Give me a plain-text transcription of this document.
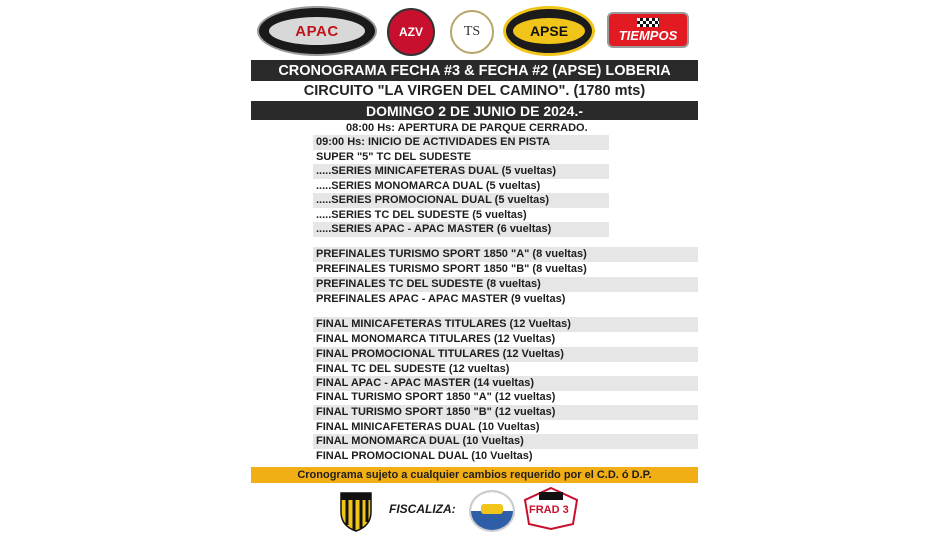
APAC	AZV	TS	APSE	TIEMPOS
CRONOGRAMA FECHA #3 & FECHA #2 (APSE) LOBERIA
CIRCUITO "LA VIRGEN DEL CAMINO". (1780 mts)
DOMINGO 2 DE JUNIO DE 2024.-
08:00 Hs: APERTURA DE PARQUE CERRADO.
09:00 Hs: INICIO DE ACTIVIDADES EN PISTA
SUPER "5" TC DEL SUDESTE
.....SERIES MINICAFETERAS DUAL (5 vueltas)
.....SERIES MONOMARCA DUAL (5 vueltas)
.....SERIES PROMOCIONAL DUAL (5 vueltas)
.....SERIES TC DEL SUDESTE (5 vueltas)
.....SERIES APAC - APAC MASTER (6 vueltas)
PREFINALES TURISMO SPORT 1850 "A" (8 vueltas)
PREFINALES TURISMO SPORT 1850 "B" (8 vueltas)
PREFINALES TC DEL SUDESTE (8 vueltas)
PREFINALES APAC - APAC MASTER (9 vueltas)
FINAL MINICAFETERAS TITULARES (12 Vueltas)
FINAL MONOMARCA TITULARES (12 Vueltas)
FINAL PROMOCIONAL TITULARES (12 Vueltas)
FINAL TC DEL SUDESTE (12 vueltas)
FINAL APAC - APAC MASTER (14 vueltas)
FINAL TURISMO SPORT 1850 "A" (12 vueltas)
FINAL TURISMO SPORT 1850 "B" (12 vueltas)
FINAL MINICAFETERAS DUAL (10 Vueltas)
FINAL MONOMARCA DUAL (10 Vueltas)
FINAL PROMOCIONAL DUAL (10 Vueltas)
Cronograma sujeto a cualquier cambios requerido por el C.D. ó D.P.
FISCALIZA:	FRAD 3
